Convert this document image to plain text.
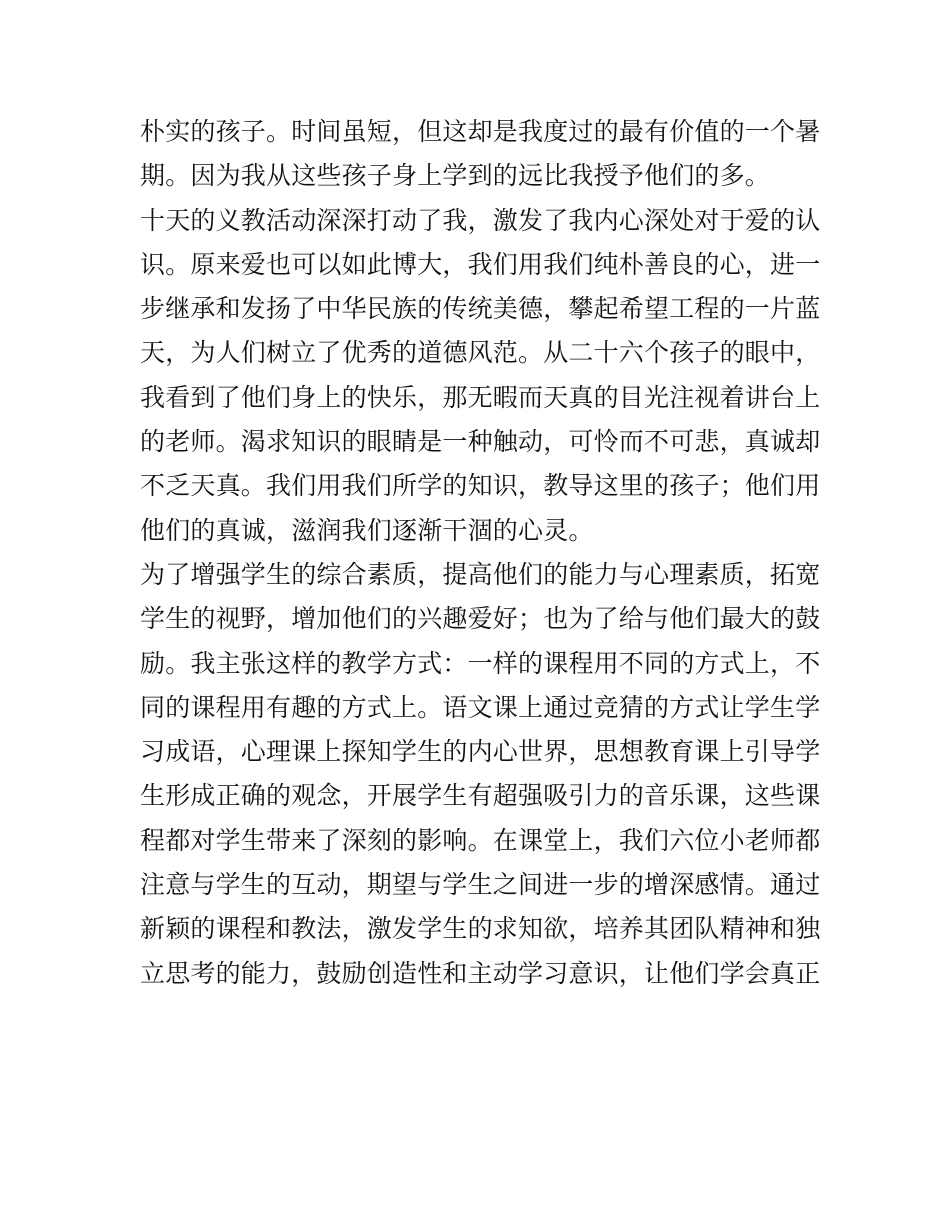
朴实的孩子。时间虽短，但这却是我度过的最有价值的一个暑
期。因为我从这些孩子身上学到的远比我授予他们的多。
十天的义教活动深深打动了我，激发了我内心深处对于爱的认
识。原来爱也可以如此博大，我们用我们纯朴善良的心，进一
步继承和发扬了中华民族的传统美德，攀起希望工程的一片蓝
天，为人们树立了优秀的道德风范。从二十六个孩子的眼中，
我看到了他们身上的快乐，那无暇而天真的目光注视着讲台上
的老师。渴求知识的眼睛是一种触动，可怜而不可悲，真诚却
不乏天真。我们用我们所学的知识，教导这里的孩子；他们用
他们的真诚，滋润我们逐渐干涸的心灵。
为了增强学生的综合素质，提高他们的能力与心理素质，拓宽
学生的视野，增加他们的兴趣爱好；也为了给与他们最大的鼓
励。我主张这样的教学方式：一样的课程用不同的方式上，不
同的课程用有趣的方式上。语文课上通过竞猜的方式让学生学
习成语，心理课上探知学生的内心世界，思想教育课上引导学
生形成正确的观念，开展学生有超强吸引力的音乐课，这些课
程都对学生带来了深刻的影响。在课堂上，我们六位小老师都
注意与学生的互动，期望与学生之间进一步的增深感情。通过
新颖的课程和教法，激发学生的求知欲，培养其团队精神和独
立思考的能力，鼓励创造性和主动学习意识，让他们学会真正
